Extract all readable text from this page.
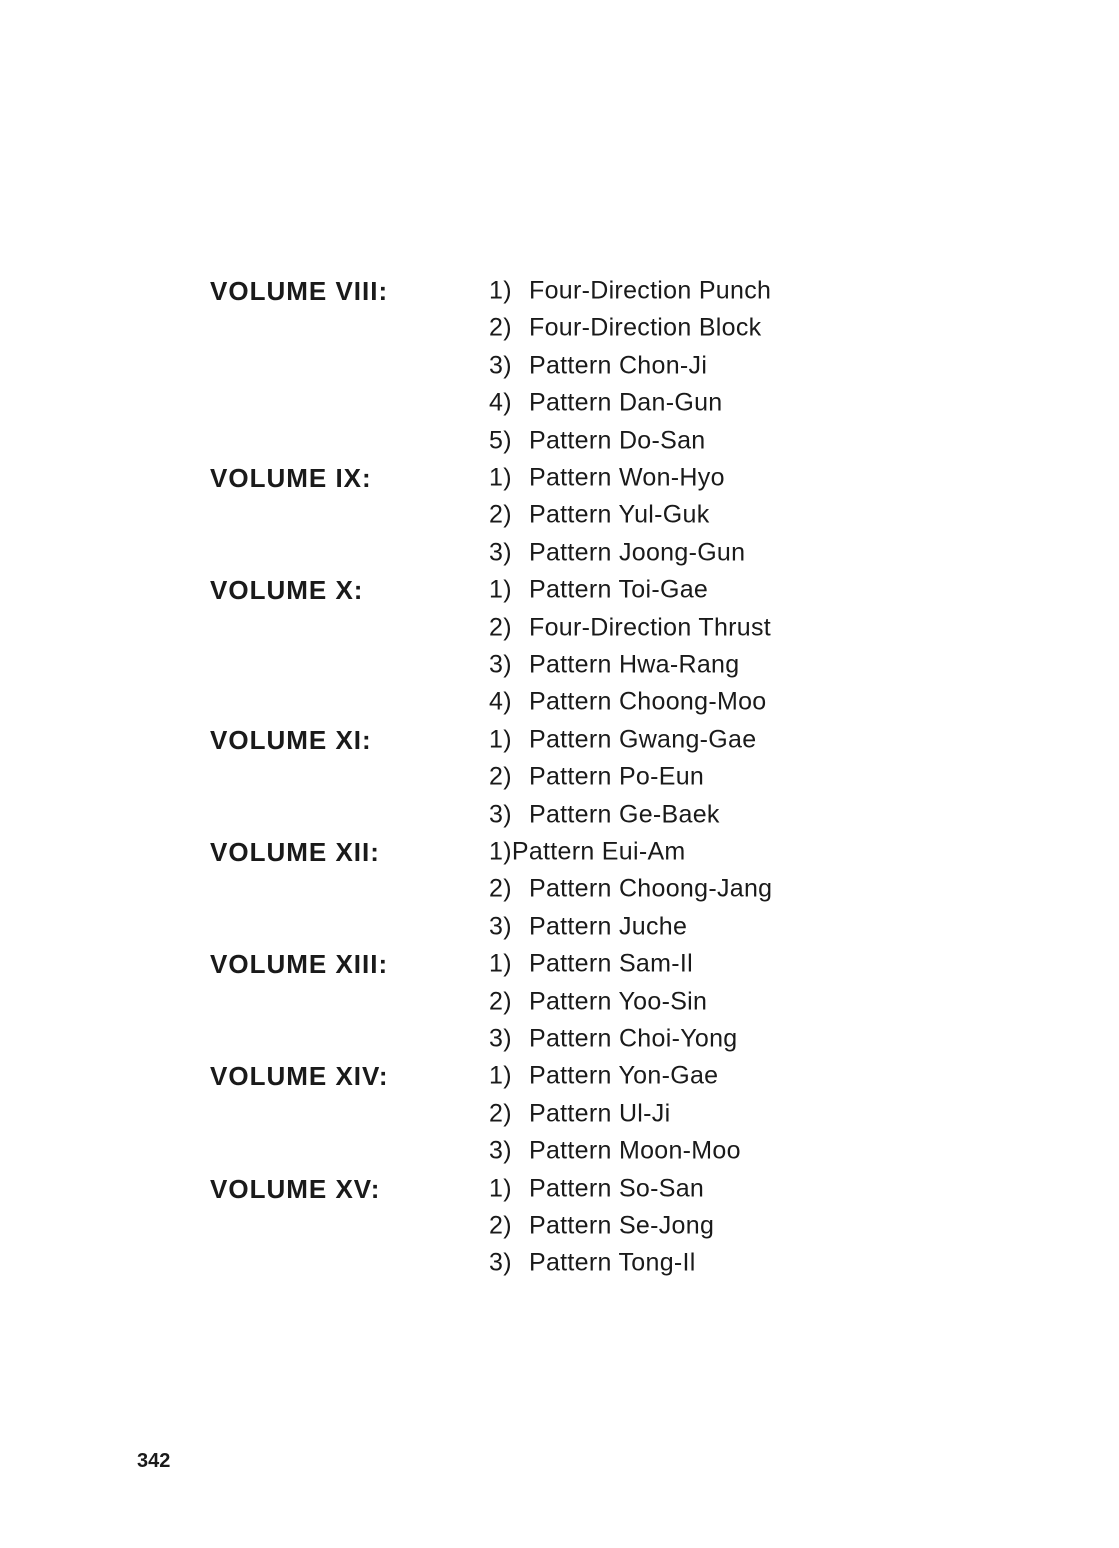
VOLUME VIII:	1) Four-Direction Punch
2) Four-Direction Block
3) Pattern Chon-Ji
4) Pattern Dan-Gun
5) Pattern Do-San
VOLUME IX:	1) Pattern Won-Hyo
2) Pattern Yul-Guk
3) Pattern Joong-Gun
VOLUME X:	1) Pattern Toi-Gae
2) Four-Direction Thrust
3) Pattern Hwa-Rang
4) Pattern Choong-Moo
VOLUME XI:	1) Pattern Gwang-Gae
2) Pattern Po-Eun
3) Pattern Ge-Baek
VOLUME XII:	1)Pattern Eui-Am
2) Pattern Choong-Jang
3) Pattern Juche
VOLUME XIII:	1) Pattern Sam-Il
2) Pattern Yoo-Sin
3) Pattern Choi-Yong
VOLUME XIV:	1) Pattern Yon-Gae
2) Pattern Ul-Ji
3) Pattern Moon-Moo
VOLUME XV:	1) Pattern So-San
2) Pattern Se-Jong
3) Pattern Tong-Il
342
